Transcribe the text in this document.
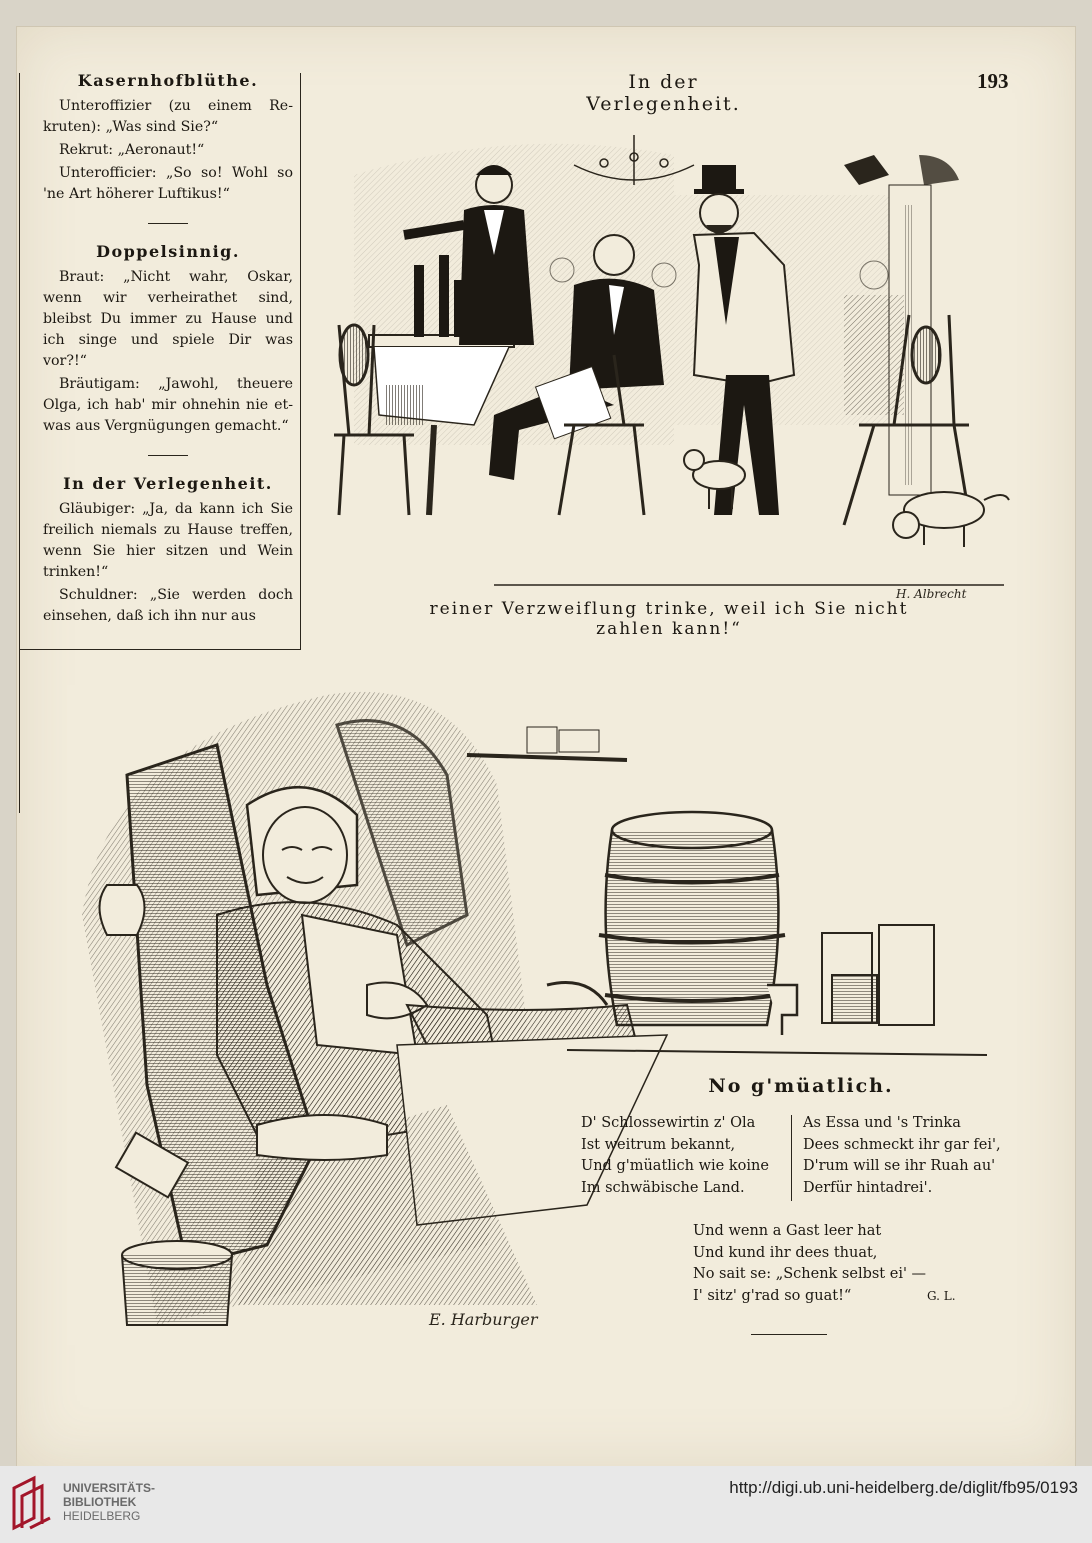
In der Verlegenheit.
193
Kasernhofblüthe.

Unteroffizier (zu einem Re-kruten): „Was sind Sie?“

Rekrut: „Aeronaut!“

Unterofficier: „So so! Wohl so 'ne Art höherer Luftikus!“

Doppelsinnig.

Braut: „Nicht wahr, Oskar, wenn wir verheirathet sind, bleibst Du immer zu Hause und ich singe und spiele Dir was vor?!“

Bräutigam: „Jawohl, theuere Olga, ich hab' mir ohnehin nie et-was aus Vergnügungen gemacht.“

In der Verlegenheit.

Gläubiger: „Ja, da kann ich Sie freilich niemals zu Hause treffen, wenn Sie hier sitzen und Wein trinken!“

Schuldner: „Sie werden doch einsehen, daß ich ihn nur aus

H. Albrecht
reiner Verzweiflung trinke, weil ich Sie nicht zahlen kann!“
E. Harburger
No g'müatlich.
D' Schlossewirtin z' Ola
Ist weitrum bekannt,
Und g'müatlich wie koine
Im schwäbische Land.
As Essa und 's Trinka
Dees schmeckt ihr gar fei',
D'rum will se ihr Ruah au'
Derfür hintadrei'.
Und wenn a Gast leer hat
Und kund ihr dees thuat,
No sait se: „Schenk selbst ei' —
I' sitz' g'rad so guat!“	G. L.
UNIVERSITÄTS-
BIBLIOTHEK
HEIDELBERG
http://digi.ub.uni-heidelberg.de/diglit/fb95/0193
